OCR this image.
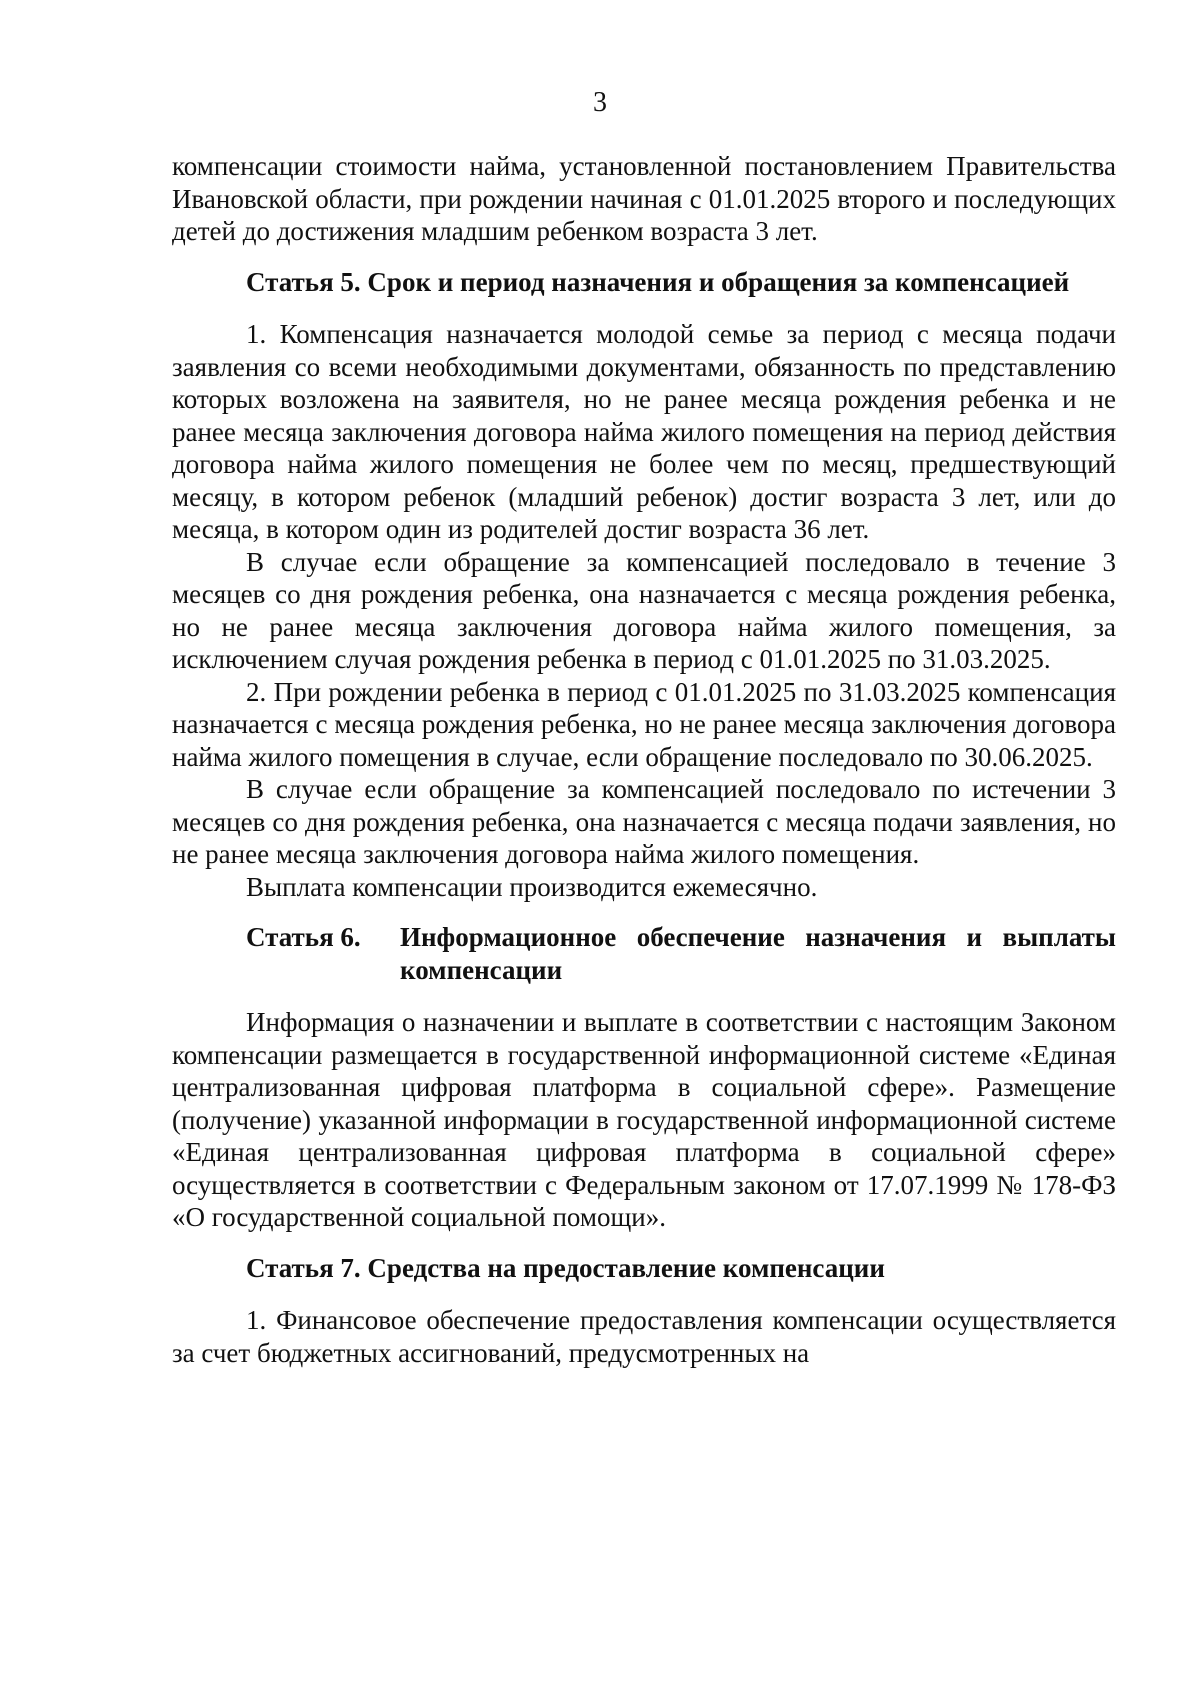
3

компенсации стоимости найма, установленной постановлением Правительства Ивановской области, при рождении начиная с 01.01.2025 второго и последующих детей до достижения младшим ребенком возраста 3 лет.

Статья 5. Срок и период назначения и обращения за компенсацией

1. Компенсация назначается молодой семье за период с месяца подачи заявления со всеми необходимыми документами, обязанность по представлению которых возложена на заявителя, но не ранее месяца рождения ребенка и не ранее месяца заключения договора найма жилого помещения на период действия договора найма жилого помещения не более чем по месяц, предшествующий месяцу, в котором ребенок (младший ребенок) достиг возраста 3 лет, или до месяца, в котором один из родителей достиг возраста 36 лет.

В случае если обращение за компенсацией последовало в течение 3 месяцев со дня рождения ребенка, она назначается с месяца рождения ребенка, но не ранее месяца заключения договора найма жилого помещения, за исключением случая рождения ребенка в период с 01.01.2025 по 31.03.2025.

2. При рождении ребенка в период с 01.01.2025 по 31.03.2025 компенсация назначается с месяца рождения ребенка, но не ранее месяца заключения договора найма жилого помещения в случае, если обращение последовало по 30.06.2025.

В случае если обращение за компенсацией последовало по истечении 3 месяцев со дня рождения ребенка, она назначается с месяца подачи заявления, но не ранее месяца заключения договора найма жилого помещения.

Выплата компенсации производится ежемесячно.

Статья 6.	Информационное обеспечение назначения и выплаты компенсации

Информация о назначении и выплате в соответствии с настоящим Законом компенсации размещается в государственной информационной системе «Единая централизованная цифровая платформа в социальной сфере». Размещение (получение) указанной информации в государственной информационной системе «Единая централизованная цифровая платформа в социальной сфере» осуществляется в соответствии с Федеральным законом от 17.07.1999 № 178-ФЗ «О государственной социальной помощи».

Статья 7. Средства на предоставление компенсации

1. Финансовое обеспечение предоставления компенсации осуществляется за счет бюджетных ассигнований, предусмотренных на
